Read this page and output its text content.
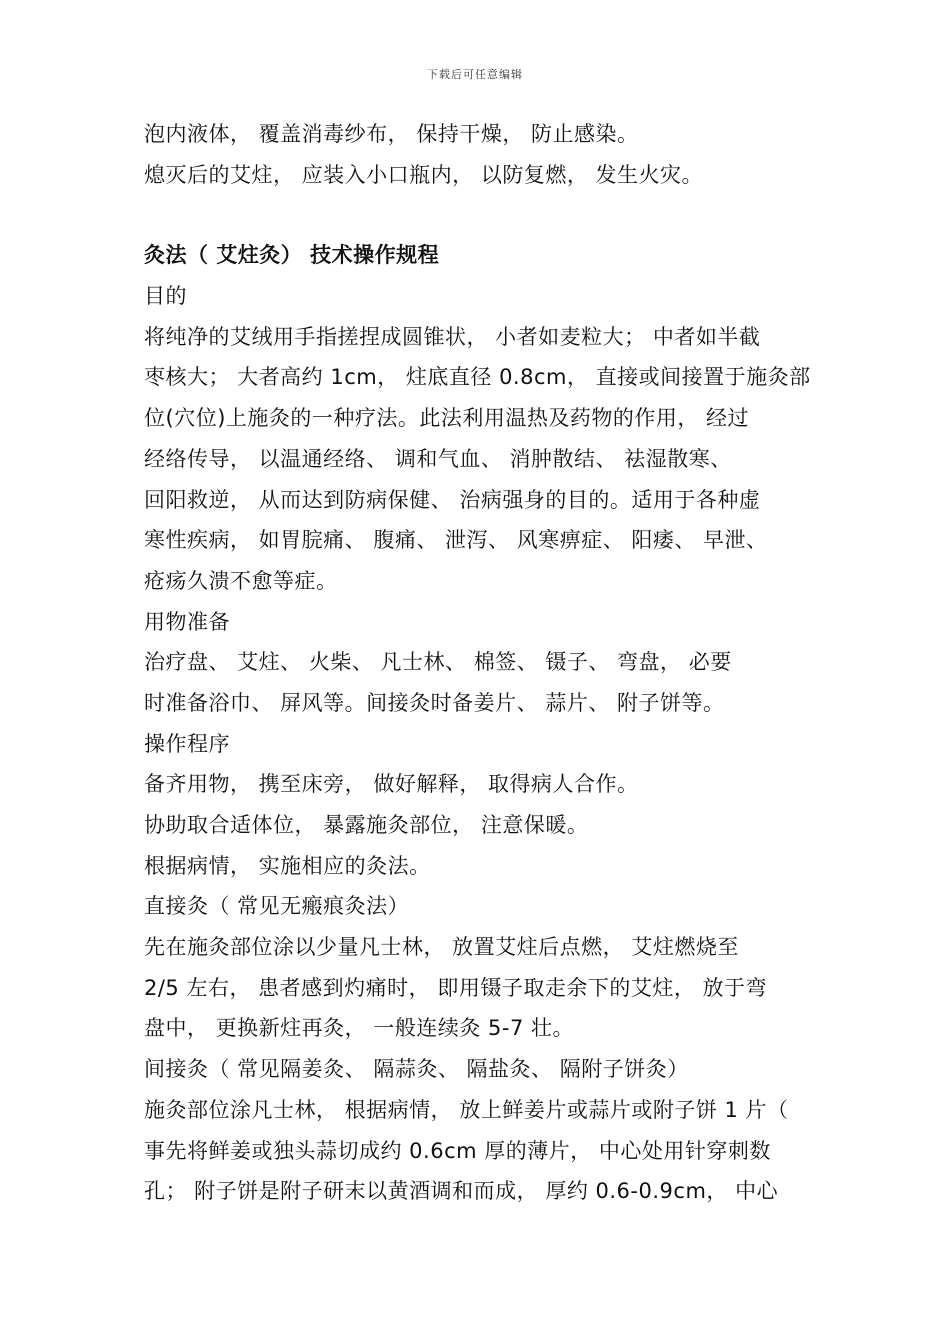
下载后可任意编辑
泡内液体， 覆盖消毒纱布， 保持干燥， 防止感染。
熄灭后的艾炷， 应装入小口瓶内， 以防复燃， 发生火灾。
灸法（ 艾炷灸） 技术操作规程
目的
将纯净的艾绒用手指搓捏成圆锥状， 小者如麦粒大； 中者如半截
枣核大； 大者高约 1cm， 炷底直径 0.8cm， 直接或间接置于施灸部
位(穴位)上施灸的一种疗法。此法利用温热及药物的作用， 经过
经络传导， 以温通经络、 调和气血、 消肿散结、 祛湿散寒、
回阳救逆， 从而达到防病保健、 治病强身的目的。适用于各种虚
寒性疾病， 如胃脘痛、 腹痛、 泄泻、 风寒痹症、 阳痿、 早泄、
疮疡久溃不愈等症。
用物准备
治疗盘、 艾炷、 火柴、 凡士林、 棉签、 镊子、 弯盘， 必要
时准备浴巾、 屏风等。间接灸时备姜片、 蒜片、 附子饼等。
操作程序
备齐用物， 携至床旁， 做好解释， 取得病人合作。
协助取合适体位， 暴露施灸部位， 注意保暖。
根据病情， 实施相应的灸法。
直接灸（ 常见无瘢痕灸法）
先在施灸部位涂以少量凡士林， 放置艾炷后点燃， 艾炷燃烧至
2/5 左右， 患者感到灼痛时， 即用镊子取走余下的艾炷， 放于弯
盘中， 更换新炷再灸， 一般连续灸 5-7 壮。
间接灸（ 常见隔姜灸、 隔蒜灸、 隔盐灸、 隔附子饼灸）
施灸部位涂凡士林， 根据病情， 放上鲜姜片或蒜片或附子饼 1 片（
事先将鲜姜或独头蒜切成约 0.6cm 厚的薄片， 中心处用针穿刺数
孔； 附子饼是附子研末以黄酒调和而成， 厚约 0.6-0.9cm， 中心
